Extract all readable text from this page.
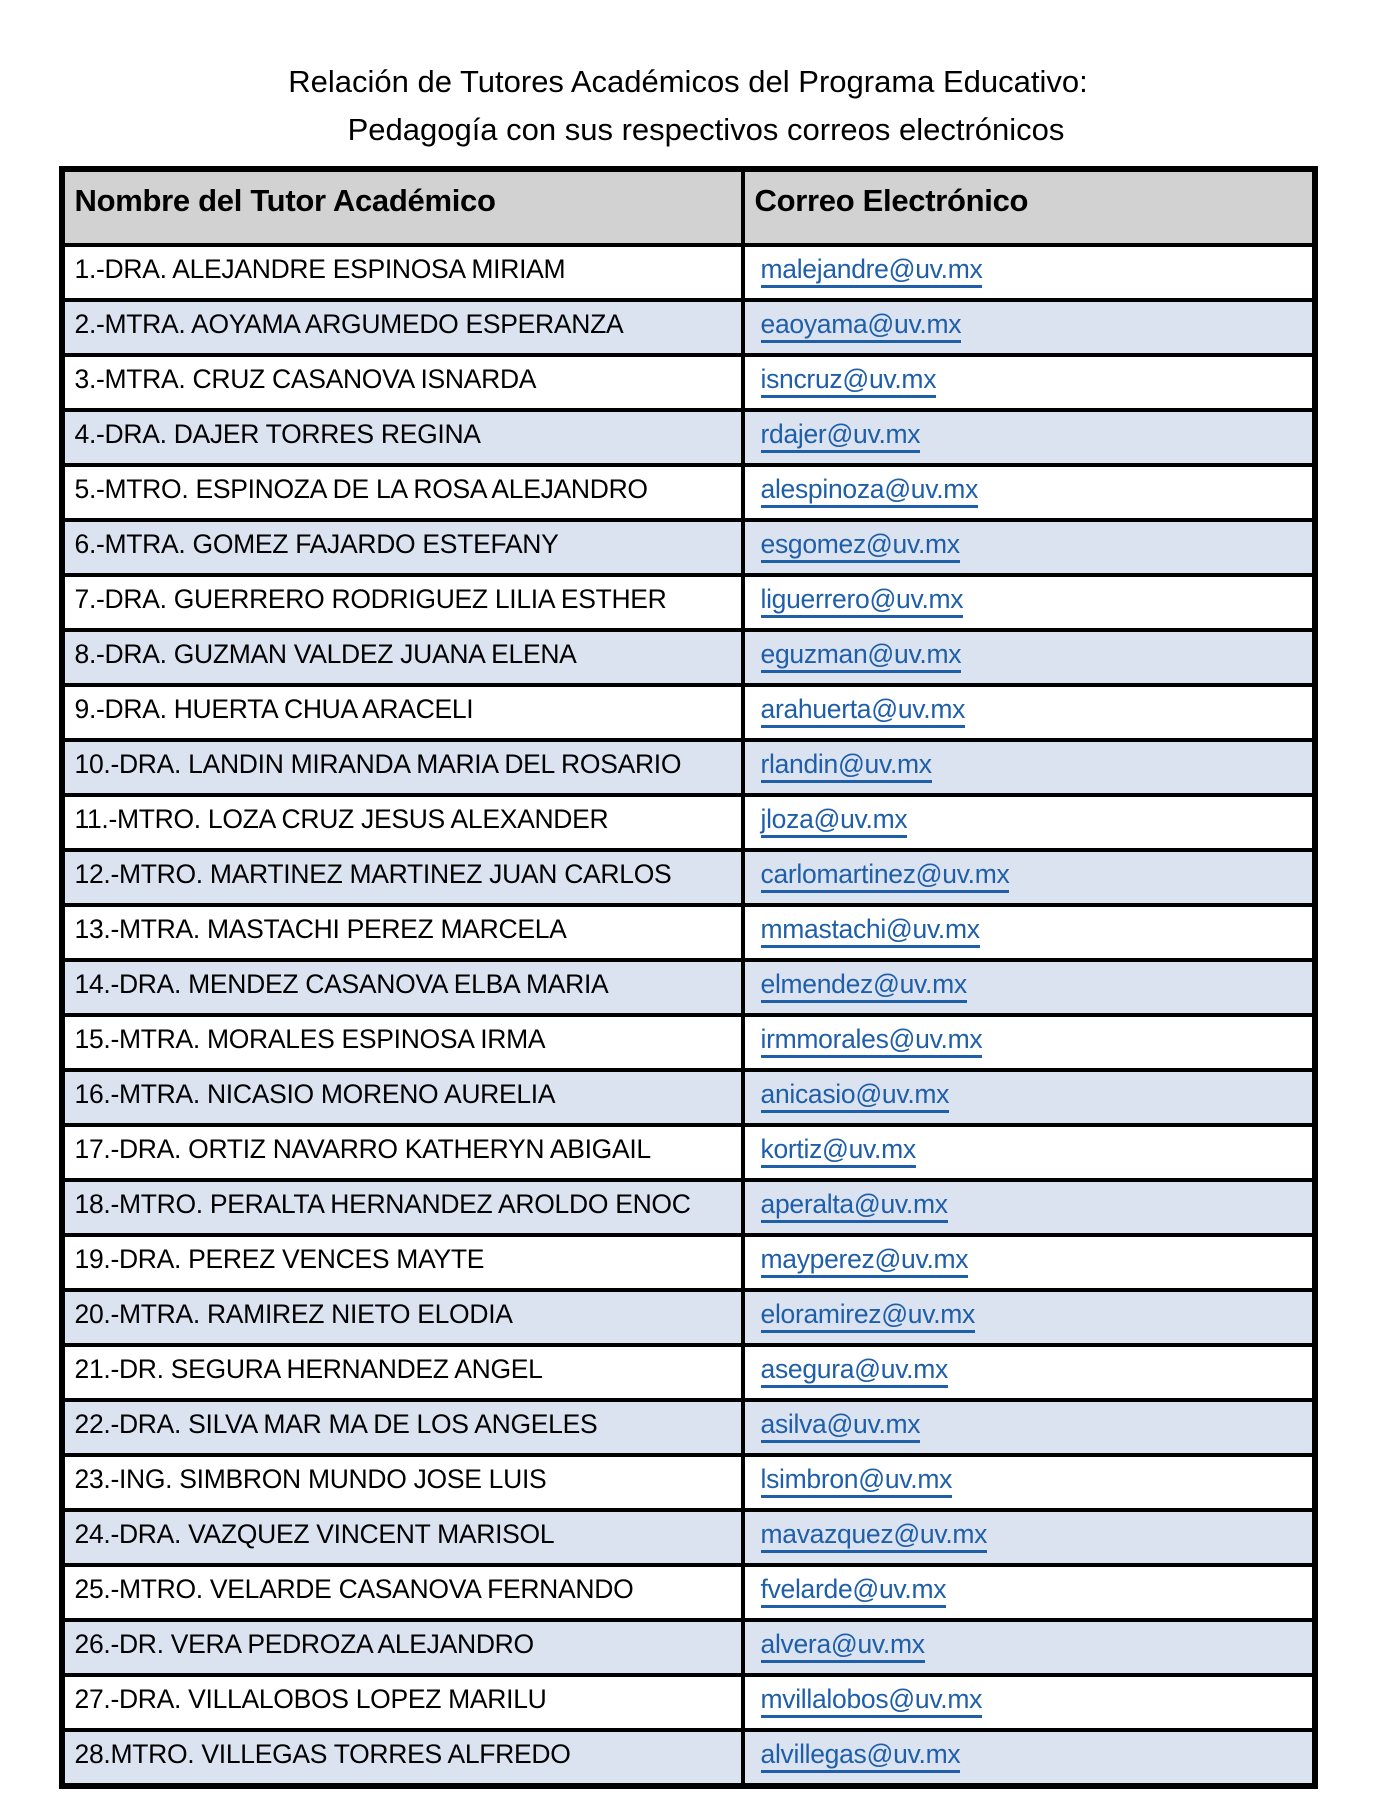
Relación de Tutores Académicos del Programa Educativo:
Pedagogía con sus respectivos correos electrónicos
Nombre del Tutor Académico	Correo Electrónico
1.-DRA. ALEJANDRE ESPINOSA MIRIAM	malejandre@uv.mx
2.-MTRA. AOYAMA ARGUMEDO ESPERANZA	eaoyama@uv.mx
3.-MTRA. CRUZ CASANOVA ISNARDA	isncruz@uv.mx
4.-DRA. DAJER TORRES REGINA	rdajer@uv.mx
5.-MTRO. ESPINOZA DE LA ROSA ALEJANDRO	alespinoza@uv.mx
6.-MTRA. GOMEZ FAJARDO ESTEFANY	esgomez@uv.mx
7.-DRA. GUERRERO RODRIGUEZ LILIA ESTHER	liguerrero@uv.mx
8.-DRA. GUZMAN VALDEZ JUANA ELENA	eguzman@uv.mx
9.-DRA. HUERTA CHUA ARACELI	arahuerta@uv.mx
10.-DRA. LANDIN MIRANDA MARIA DEL ROSARIO	rlandin@uv.mx
11.-MTRO. LOZA CRUZ JESUS ALEXANDER	jloza@uv.mx
12.-MTRO. MARTINEZ MARTINEZ JUAN CARLOS	carlomartinez@uv.mx
13.-MTRA. MASTACHI PEREZ MARCELA	mmastachi@uv.mx
14.-DRA. MENDEZ CASANOVA ELBA MARIA	elmendez@uv.mx
15.-MTRA. MORALES ESPINOSA IRMA	irmmorales@uv.mx
16.-MTRA. NICASIO MORENO AURELIA	anicasio@uv.mx
17.-DRA. ORTIZ NAVARRO KATHERYN ABIGAIL	kortiz@uv.mx
18.-MTRO. PERALTA HERNANDEZ AROLDO ENOC	aperalta@uv.mx
19.-DRA. PEREZ VENCES MAYTE	mayperez@uv.mx
20.-MTRA. RAMIREZ NIETO ELODIA	eloramirez@uv.mx
21.-DR. SEGURA HERNANDEZ ANGEL	asegura@uv.mx
22.-DRA. SILVA MAR MA DE LOS ANGELES	asilva@uv.mx
23.-ING. SIMBRON MUNDO JOSE LUIS	lsimbron@uv.mx
24.-DRA. VAZQUEZ VINCENT MARISOL	mavazquez@uv.mx
25.-MTRO. VELARDE CASANOVA FERNANDO	fvelarde@uv.mx
26.-DR. VERA PEDROZA ALEJANDRO	alvera@uv.mx
27.-DRA. VILLALOBOS LOPEZ MARILU	mvillalobos@uv.mx
28.MTRO. VILLEGAS TORRES ALFREDO	alvillegas@uv.mx
